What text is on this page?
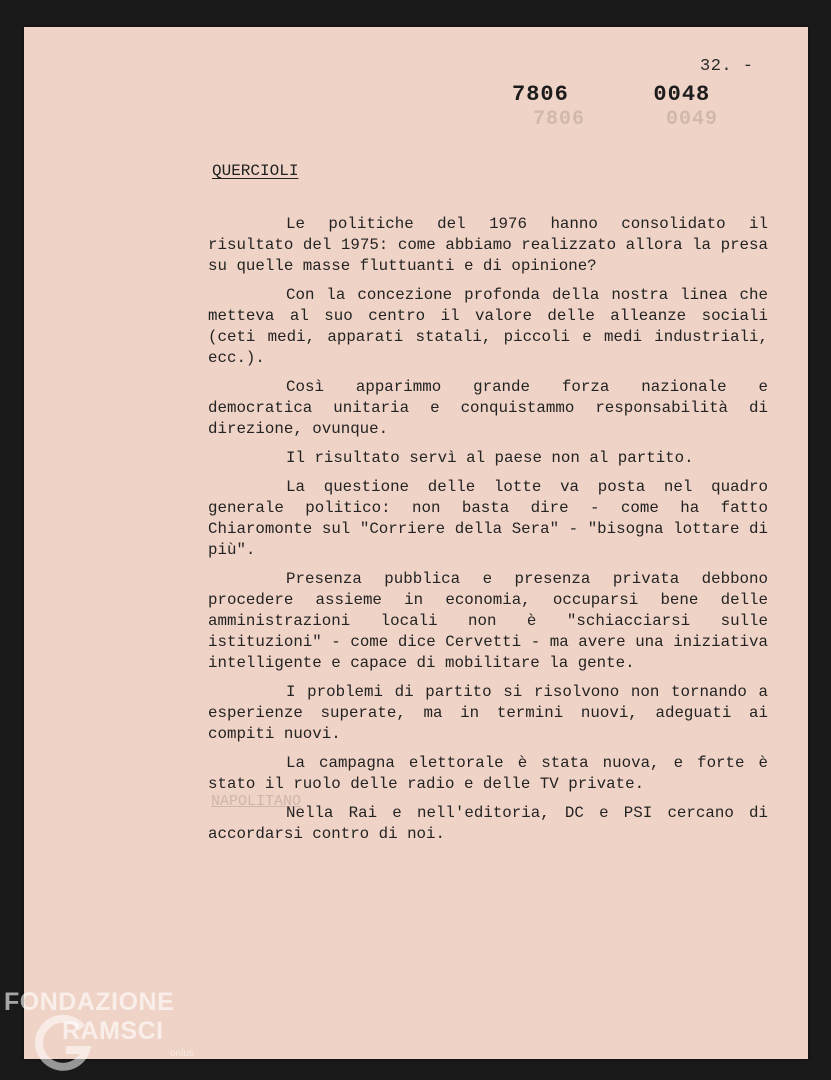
7806   0049
NAPOLITANO
32. -
7806   0048
QUERCIOLI

Le politiche del 1976 hanno consolidato il risultato del 1975: come abbiamo realizzato allora la presa su quelle masse fluttuanti e di opinione?

Con la concezione profonda della nostra linea che metteva al suo centro il valore delle alleanze sociali (ceti medi, apparati statali, piccoli e medi industriali, ecc.).

Così apparimmo grande forza nazionale e democratica unitaria e conquistammo responsabilità di direzione, ovunque.

Il risultato servì al paese non al partito.

La questione delle lotte va posta nel quadro generale politico: non basta dire - come ha fatto Chiaromonte sul "Corriere della Sera" - "bisogna lottare di più".

Presenza pubblica e presenza privata debbono procedere assieme in economia, occuparsi bene delle amministrazioni locali non è "schiacciarsi sulle istituzioni" - come dice Cervetti - ma avere una iniziativa intelligente e capace di mobilitare la gente.

I problemi di partito si risolvono non tornando a esperienze superate, ma in termini nuovi, adeguati ai compiti nuovi.

La campagna elettorale è stata nuova, e forte è stato il ruolo delle radio e delle TV private.

Nella Rai e nell'editoria, DC e PSI cercano di accordarsi contro di noi.

FONDAZIONE
RAMSCI
onlus
